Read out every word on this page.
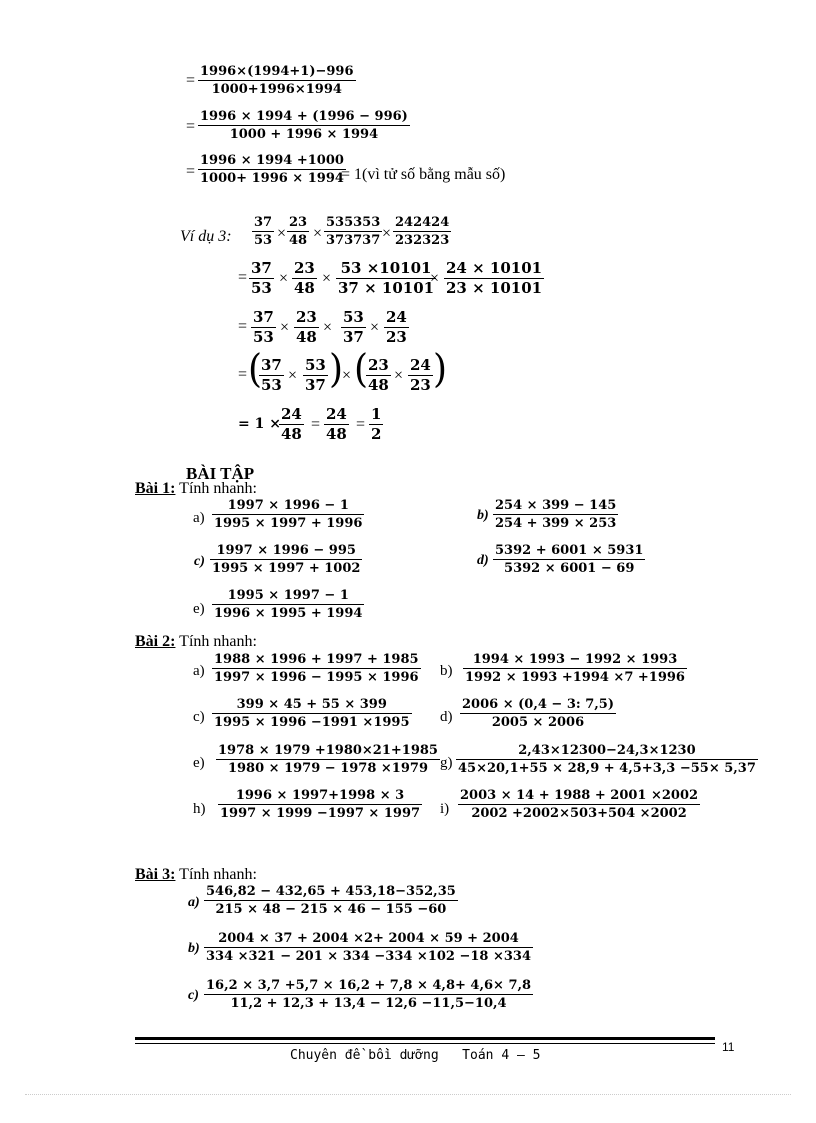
=
1996×(1994+1)−996
1000+1996×1994
=
1996 × 1994 + (1996 − 996)
1000 + 1996 × 1994
=
1996 × 1994 +1000
1000+ 1996 × 1994
= 1(vì tử số bằng mẫu số)
Ví dụ 3:
37
53 ×
23
48 ×
535353
373737 ×
242424
232323
=
37
53
×
23
48
×
53 ×10101
37 × 10101
×
24 × 10101
23 × 10101
=
37
53
×
23
48
×
53
37
×
24
23
= (
37
53
×
53
37 )
× ( 23
48
×
24
23 )
= 1 ×
24
48
=
24
48
=
1
2
BÀI TẬP
Bài 1: Tính nhanh:
a)
1997 × 1996 − 1
1995 × 1997 + 1996
b)
254 × 399 − 145
254 + 399 × 253
c)
1997 × 1996 − 995
1995 × 1997 + 1002
d)
5392 + 6001 × 5931
5392 × 6001 − 69
e)
1995 × 1997 − 1
1996 × 1995 + 1994
Bài 2: Tính nhanh:
a)
1988 × 1996 + 1997 + 1985
1997 × 1996 − 1995 × 1996 b)
1994 × 1993 − 1992 × 1993
1992 × 1993 +1994 ×7 +1996
c)
399 × 45 + 55 × 399
1995 × 1996 −1991 ×1995 d)
2006 × (0,4 − 3: 7,5)
2005 × 2006
e)
1978 × 1979 +1980×21+1985
1980 × 1979 − 1978 ×1979 g)
2,43×12300−24,3×1230
45×20,1+55 × 28,9 + 4,5+3,3 −55× 5,37
h)
1996 × 1997+1998 × 3
1997 × 1999 −1997 × 1997 i)
2003 × 14 + 1988 + 2001 ×2002
2002 +2002×503+504 ×2002
Bài 3: Tính nhanh:
a)
546,82 − 432,65 + 453,18−352,35
215 × 48 − 215 × 46 − 155 −60
b)
2004 × 37 + 2004 ×2+ 2004 × 59 + 2004
334 ×321 − 201 × 334 −334 ×102 −18 ×334
c)
16,2 × 3,7 +5,7 × 16,2 + 7,8 × 4,8+ 4,6× 7,8
11,2 + 12,3 + 13,4 − 12,6 −11,5−10,4
Chuyên đề bồi dưỡng   Toán 4 – 5
11
